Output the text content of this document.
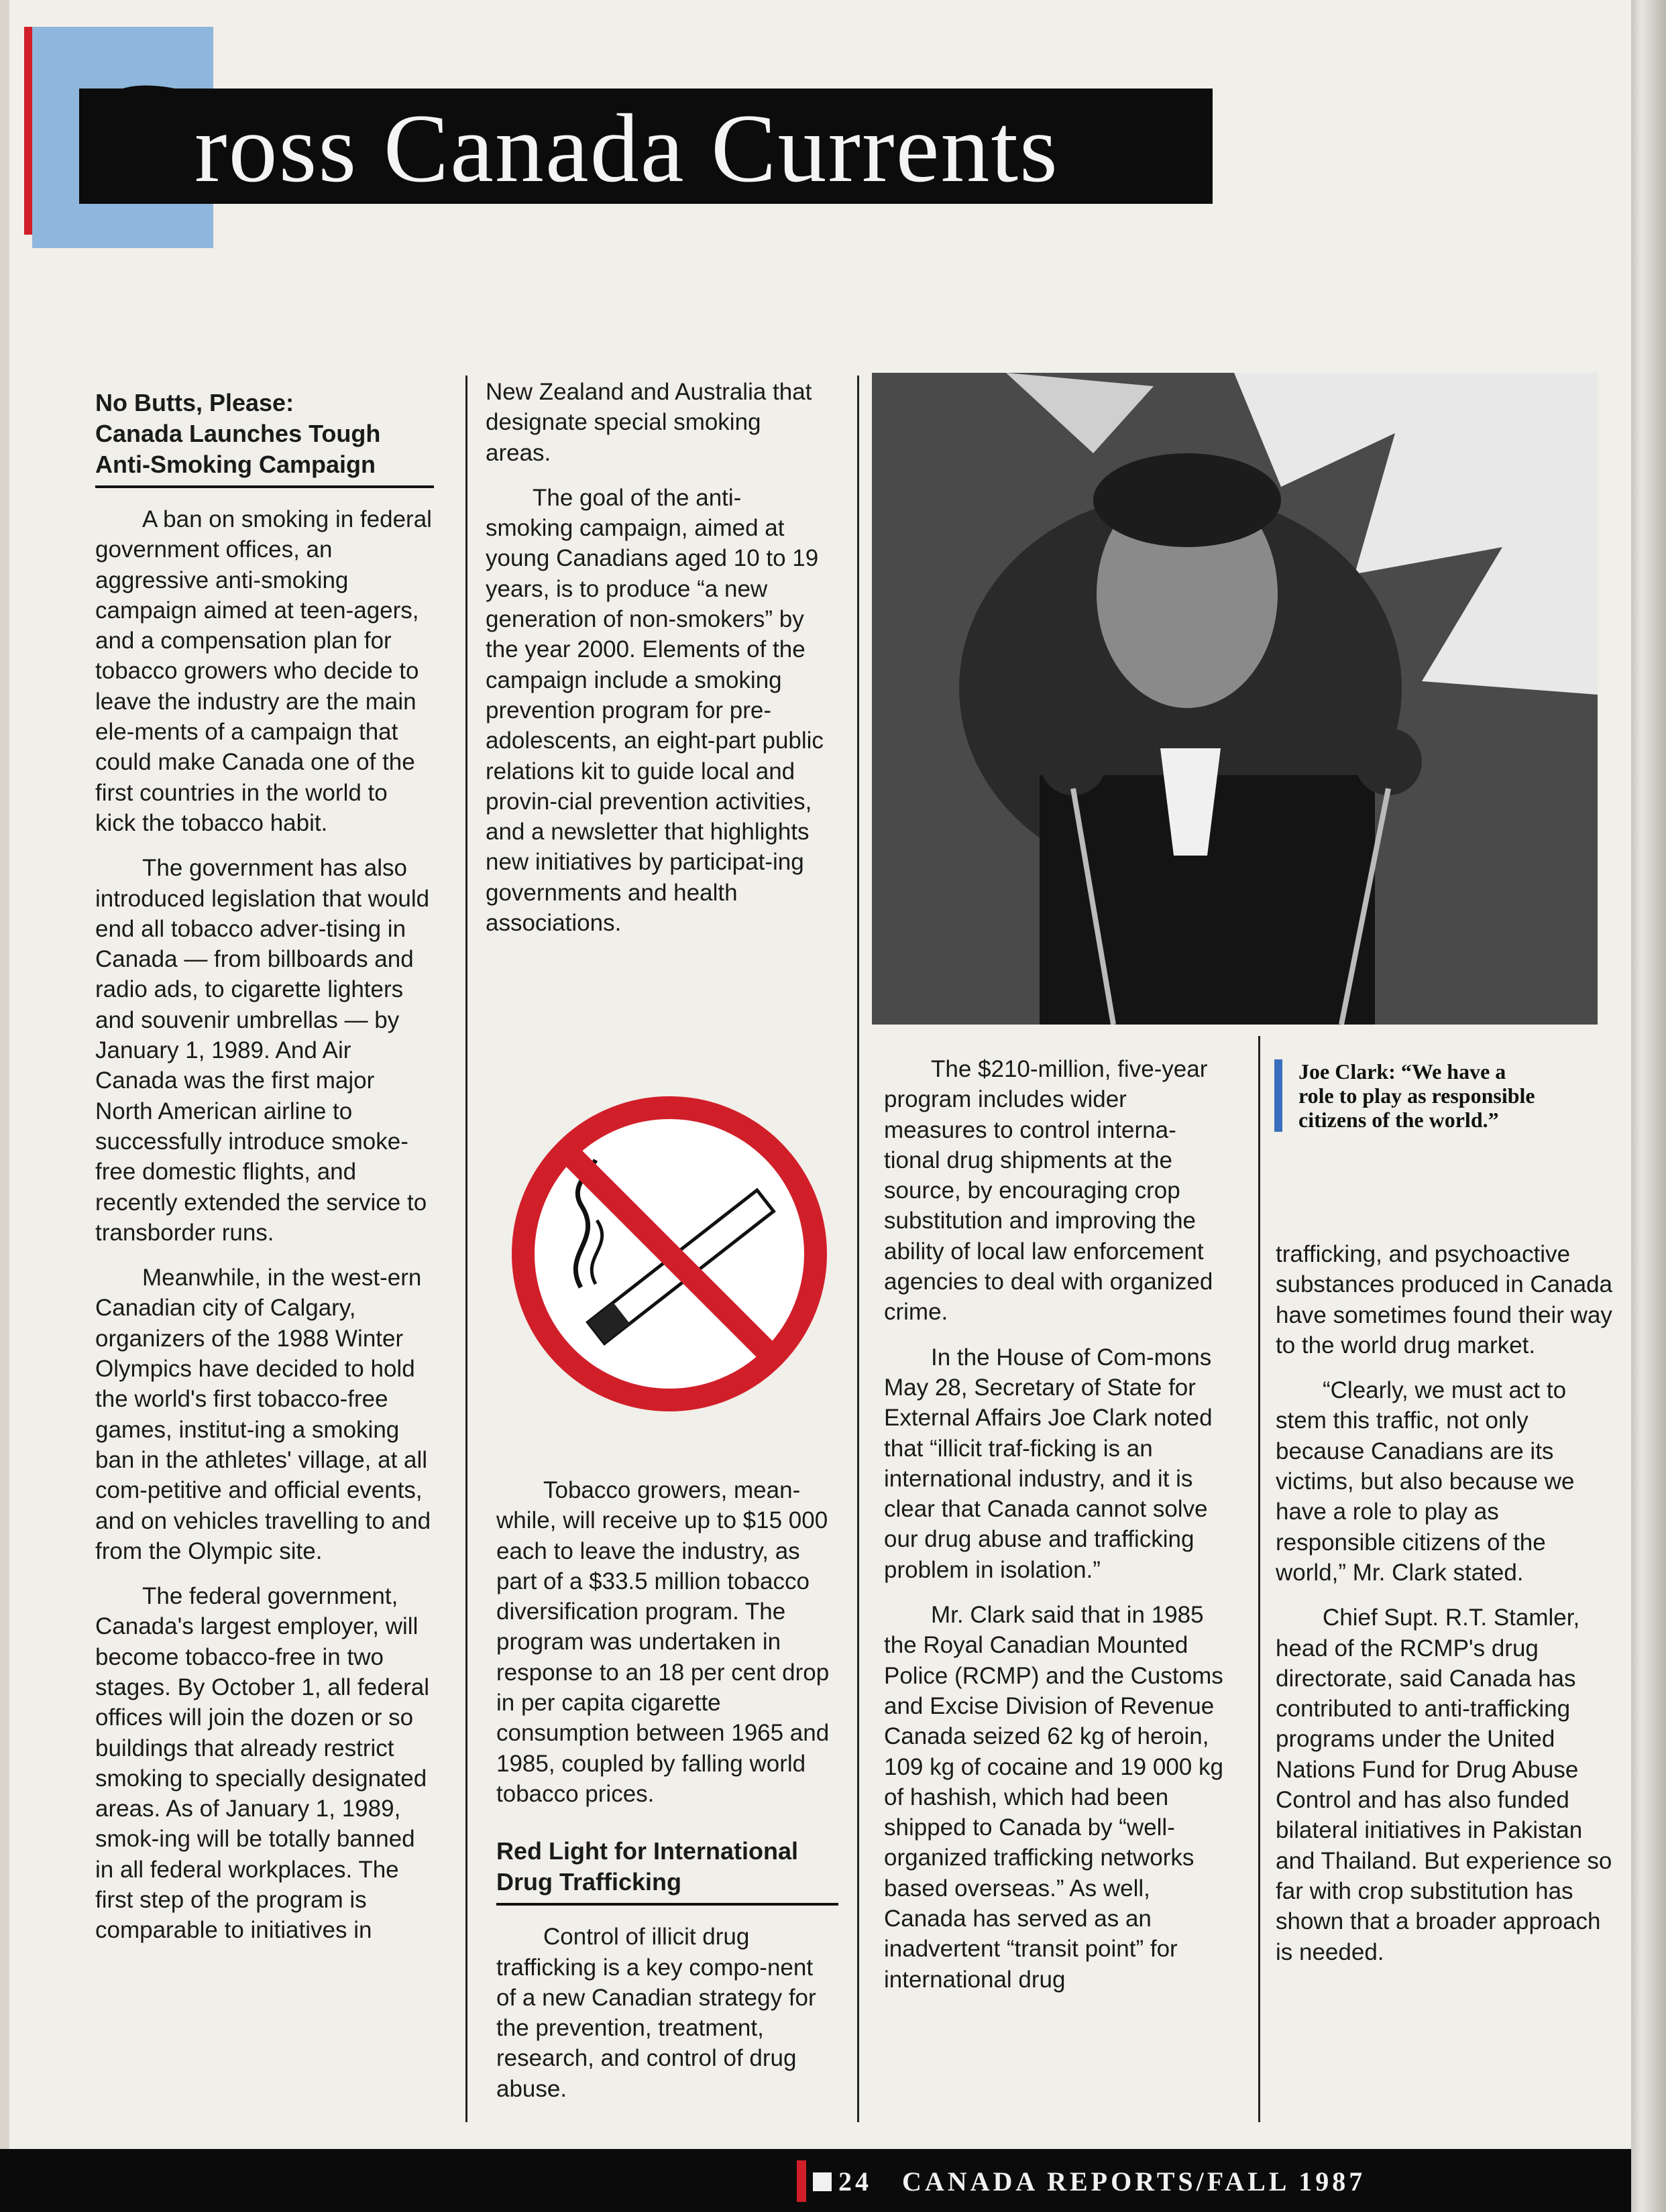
C
ross Canada Currents
No Butts, Please:
Canada Launches Tough
Anti-Smoking Campaign

A ban on smoking in federal government offices, an aggressive anti-smoking campaign aimed at teen-agers, and a compensation plan for tobacco growers who decide to leave the industry are the main ele-ments of a campaign that could make Canada one of the first countries in the world to kick the tobacco habit.

The government has also introduced legislation that would end all tobacco adver-tising in Canada — from billboards and radio ads, to cigarette lighters and souvenir umbrellas — by January 1, 1989. And Air Canada was the first major North American airline to successfully introduce smoke-free domestic flights, and recently extended the service to transborder runs.

Meanwhile, in the west-ern Canadian city of Calgary, organizers of the 1988 Winter Olympics have decided to hold the world's first tobacco-free games, institut-ing a smoking ban in the athletes' village, at all com-petitive and official events, and on vehicles travelling to and from the Olympic site.

The federal government, Canada's largest employer, will become tobacco-free in two stages. By October 1, all federal offices will join the dozen or so buildings that already restrict smoking to specially designated areas. As of January 1, 1989, smok-ing will be totally banned in all federal workplaces. The first step of the program is comparable to initiatives in

New Zealand and Australia that designate special smoking areas.

The goal of the anti-smoking campaign, aimed at young Canadians aged 10 to 19 years, is to produce “a new generation of non-smokers” by the year 2000. Elements of the campaign include a smoking prevention program for pre-adolescents, an eight-part public relations kit to guide local and provin-cial prevention activities, and a newsletter that highlights new initiatives by participat-ing governments and health associations.

Tobacco growers, mean-while, will receive up to $15 000 each to leave the industry, as part of a $33.5 million tobacco diversification program. The program was undertaken in response to an 18 per cent drop in per capita cigarette consumption between 1965 and 1985, coupled by falling world tobacco prices.

Red Light for International
Drug Trafficking

Control of illicit drug trafficking is a key compo-nent of a new Canadian strategy for the prevention, treatment, research, and control of drug abuse.

Joe Clark: “We have a role to play as responsible citizens of the world.”

The $210-million, five-year program includes wider measures to control interna-tional drug shipments at the source, by encouraging crop substitution and improving the ability of local law enforcement agencies to deal with organized crime.

In the House of Com-mons May 28, Secretary of State for External Affairs Joe Clark noted that “illicit traf-ficking is an international industry, and it is clear that Canada cannot solve our drug abuse and trafficking problem in isolation.”

Mr. Clark said that in 1985 the Royal Canadian Mounted Police (RCMP) and the Customs and Excise Division of Revenue Canada seized 62 kg of heroin, 109 kg of cocaine and 19 000 kg of hashish, which had been shipped to Canada by “well-organized trafficking networks based overseas.” As well, Canada has served as an inadvertent “transit point” for international drug

trafficking, and psychoactive substances produced in Canada have sometimes found their way to the world drug market.

“Clearly, we must act to stem this traffic, not only because Canadians are its victims, but also because we have a role to play as responsible citizens of the world,” Mr. Clark stated.

Chief Supt. R.T. Stamler, head of the RCMP's drug directorate, said Canada has contributed to anti-trafficking programs under the United Nations Fund for Drug Abuse Control and has also funded bilateral initiatives in Pakistan and Thailand. But experience so far with crop substitution has shown that a broader approach is needed.

24 CANADA REPORTS/FALL 1987
